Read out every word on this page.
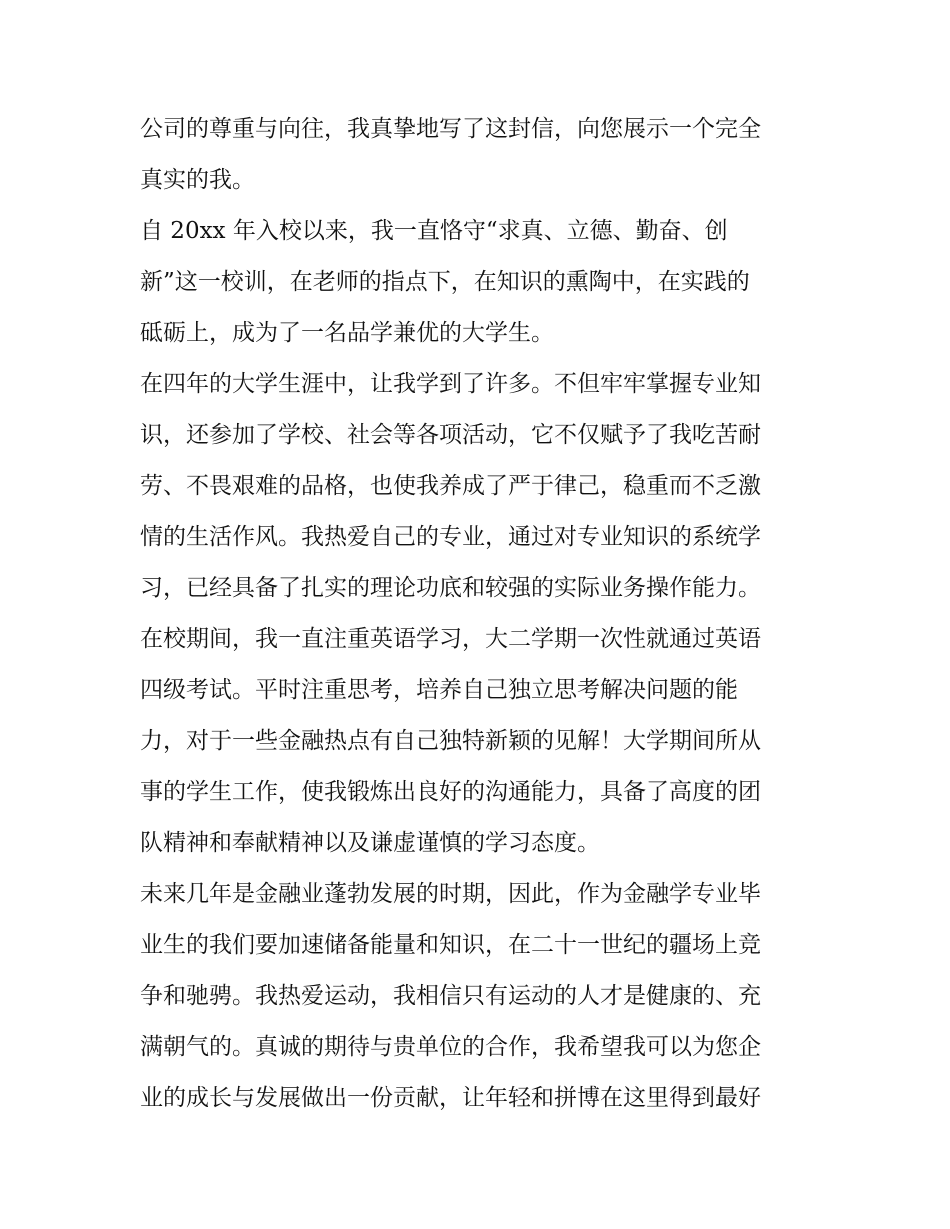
公司的尊重与向往，我真挚地写了这封信，向您展示一个完全
真实的我。
自 20xx 年入校以来，我一直恪守“求真、立德、勤奋、创
新”这一校训，在老师的指点下，在知识的熏陶中，在实践的
砥砺上，成为了一名品学兼优的大学生。
在四年的大学生涯中，让我学到了许多。不但牢牢掌握专业知
识，还参加了学校、社会等各项活动，它不仅赋予了我吃苦耐
劳、不畏艰难的品格，也使我养成了严于律己，稳重而不乏激
情的生活作风。我热爱自己的专业，通过对专业知识的系统学
习，已经具备了扎实的理论功底和较强的实际业务操作能力。
在校期间，我一直注重英语学习，大二学期一次性就通过英语
四级考试。平时注重思考，培养自己独立思考解决问题的能
力，对于一些金融热点有自己独特新颖的见解！大学期间所从
事的学生工作，使我锻炼出良好的沟通能力，具备了高度的团
队精神和奉献精神以及谦虚谨慎的学习态度。
未来几年是金融业蓬勃发展的时期，因此，作为金融学专业毕
业生的我们要加速储备能量和知识，在二十一世纪的疆场上竞
争和驰骋。我热爱运动，我相信只有运动的人才是健康的、充
满朝气的。真诚的期待与贵单位的合作，我希望我可以为您企
业的成长与发展做出一份贡献，让年轻和拼博在这里得到最好
